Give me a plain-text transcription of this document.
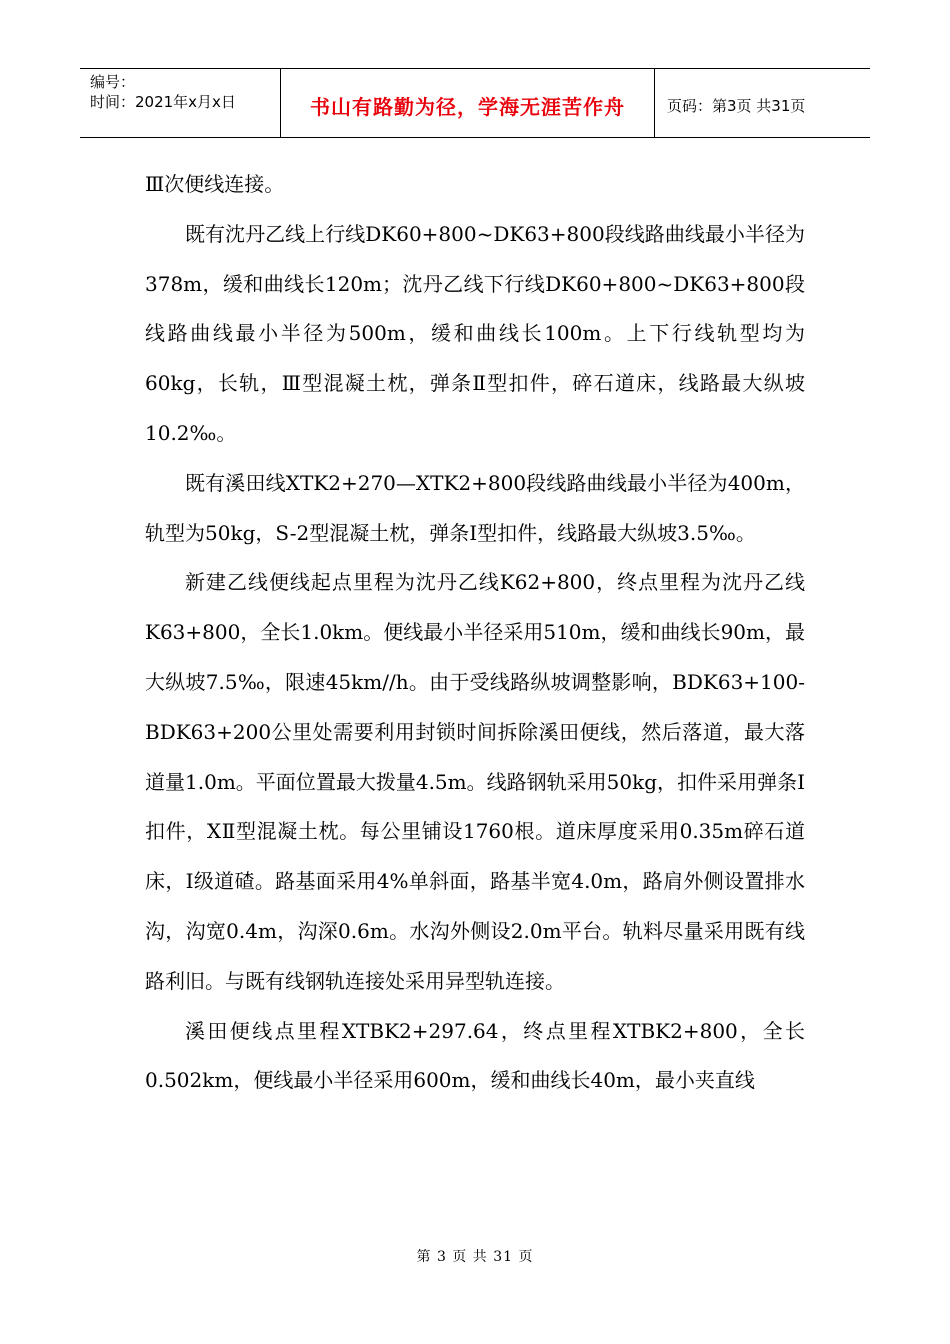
编号：
时间：2021年x月x日	书山有路勤为径，学海无涯苦作舟	页码：第3页 共31页

Ⅲ次便线连接。

既有沈丹乙线上行线DK60+800~DK63+800段线路曲线最小半径为378m，缓和曲线长120m；沈丹乙线下行线DK60+800~DK63+800段线路曲线最小半径为500m，缓和曲线长100m。上下行线轨型均为60kg，长轨，Ⅲ型混凝土枕，弹条Ⅱ型扣件，碎石道床，线路最大纵坡10.2‰。

既有溪田线XTK2+270—XTK2+800段线路曲线最小半径为400m，轨型为50kg，S-2型混凝土枕，弹条Ⅰ型扣件，线路最大纵坡3.5‰。

新建乙线便线起点里程为沈丹乙线K62+800，终点里程为沈丹乙线K63+800，全长1.0km。便线最小半径采用510m，缓和曲线长90m，最大纵坡7.5‰，限速45km//h。由于受线路纵坡调整影响，BDK63+100-BDK63+200公里处需要利用封锁时间拆除溪田便线，然后落道，最大落道量1.0m。平面位置最大拨量4.5m。线路钢轨采用50kg，扣件采用弹条Ⅰ扣件，ⅩⅡ型混凝土枕。每公里铺设1760根。道床厚度采用0.35m碎石道床，Ⅰ级道碴。路基面采用4%单斜面，路基半宽4.0m，路肩外侧设置排水沟，沟宽0.4m，沟深0.6m。水沟外侧设2.0m平台。轨料尽量采用既有线路利旧。与既有线钢轨连接处采用异型轨连接。

溪田便线点里程XTBK2+297.64，终点里程XTBK2+800，全长0.502km，便线最小半径采用600m，缓和曲线长40m，最小夹直线

第 3 页 共 31 页
